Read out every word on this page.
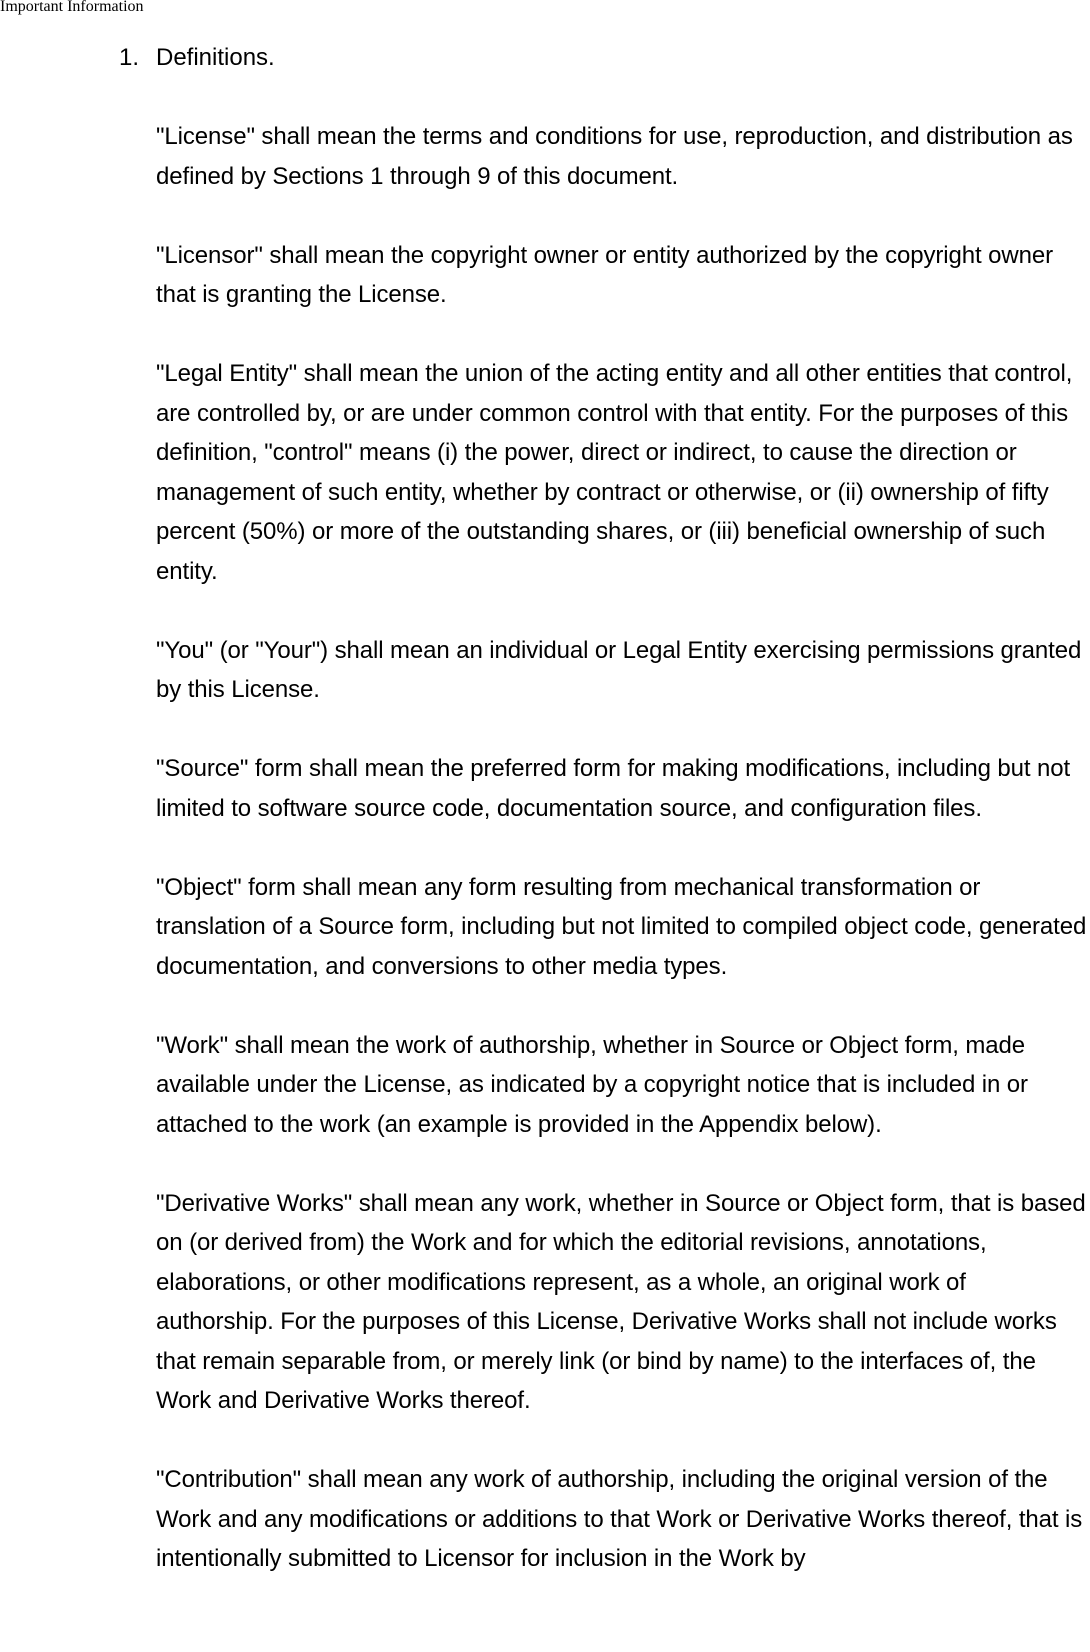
Important Information
1. Definitions.
"License" shall mean the terms and conditions for use, reproduction, and distribution as defined by Sections 1 through 9 of this document.
"Licensor" shall mean the copyright owner or entity authorized by the copyright owner that is granting the License.
"Legal Entity" shall mean the union of the acting entity and all other entities that control, are controlled by, or are under common control with that entity. For the purposes of this definition, "control" means (i) the power, direct or indirect, to cause the direction or management of such entity, whether by contract or otherwise, or (ii) ownership of fifty percent (50%) or more of the outstanding shares, or (iii) beneficial ownership of such entity.
"You" (or "Your") shall mean an individual or Legal Entity exercising permissions granted by this License.
"Source" form shall mean the preferred form for making modifications, including but not limited to software source code, documentation source, and configuration files.
"Object" form shall mean any form resulting from mechanical transformation or translation of a Source form, including but not limited to compiled object code, generated documentation, and conversions to other media types.
"Work" shall mean the work of authorship, whether in Source or Object form, made available under the License, as indicated by a copyright notice that is included in or attached to the work (an example is provided in the Appendix below).
"Derivative Works" shall mean any work, whether in Source or Object form, that is based on (or derived from) the Work and for which the editorial revisions, annotations, elaborations, or other modifications represent, as a whole, an original work of authorship. For the purposes of this License, Derivative Works shall not include works that remain separable from, or merely link (or bind by name) to the interfaces of, the Work and Derivative Works thereof.
"Contribution" shall mean any work of authorship, including the original version of the Work and any modifications or additions to that Work or Derivative Works thereof, that is intentionally submitted to Licensor for inclusion in the Work by
